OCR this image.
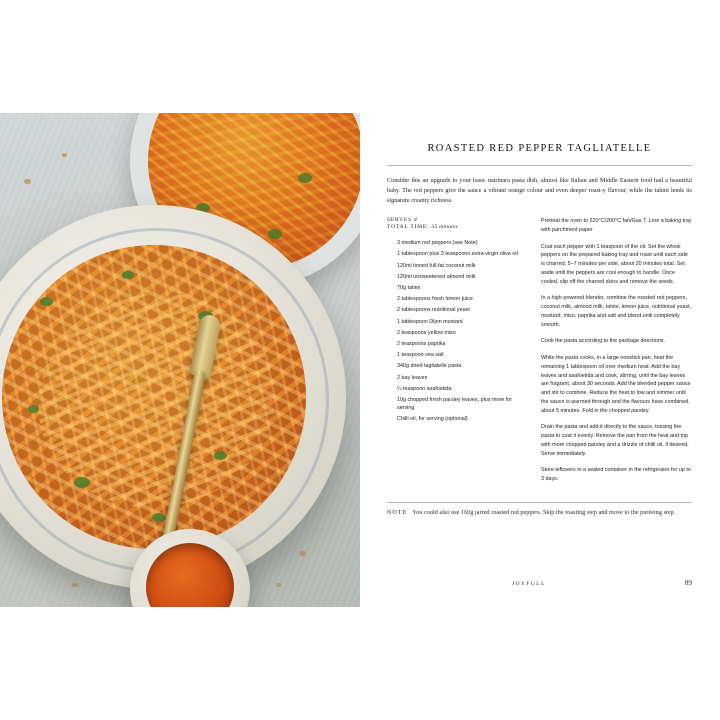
ROASTED RED PEPPER TAGLIATELLE

Consider this an upgrade to your basic marinara pasta dish, almost like Italian and Middle Eastern food had a beautiful baby. The red peppers give the sauce a vibrant orange colour and even deeper roast-y flavour, while the tahini lends its signature creamy richness.

SERVES 4
TOTAL TIME: 35 minutes
3 medium red peppers (see Note)
1 tablespoon plus 3 teaspoons extra-virgin olive oil
120ml tinned full-fat coconut milk
120ml unsweetened almond milk
70g tahini
2 tablespoons fresh lemon juice
2 tablespoons nutritional yeast
1 tablespoon Dijon mustard
2 teaspoons yellow miso
2 teaspoons paprika
1 teaspoon sea salt
340g dried tagliatelle pasta
2 bay leaves
¼ teaspoon asafoetida
10g chopped fresh parsley leaves, plus more for serving
Chilli oil, for serving (optional)

Preheat the oven to 220°C/200°C fan/Gas 7. Line a baking tray with parchment paper.

Coat each pepper with 1 teaspoon of the oil. Set the whole peppers on the prepared baking tray and roast until each side is charred, 5–7 minutes per side, about 20 minutes total. Set aside until the peppers are cool enough to handle. Once cooled, slip off the charred skins and remove the seeds.

In a high-powered blender, combine the roasted red peppers, coconut milk, almond milk, tahini, lemon juice, nutritional yeast, mustard, miso, paprika and salt and blend until completely smooth.

Cook the pasta according to the package directions.

While the pasta cooks, in a large nonstick pan, heat the remaining 1 tablespoon oil over medium heat. Add the bay leaves and asafoetida and cook, stirring, until the bay leaves are fragrant, about 30 seconds. Add the blended pepper sauce and stir to combine. Reduce the heat to low and simmer until the sauce is warmed through and the flavours have combined, about 5 minutes. Fold in the chopped parsley.

Drain the pasta and add it directly to the sauce, tossing the pasta to coat it evenly. Remove the pan from the heat and top with more chopped parsley and a drizzle of chilli oil, if desired. Serve immediately.

Store leftovers in a sealed container in the refrigerator for up to 3 days.

NOTE You could also use 160g jarred roasted red peppers. Skip the roasting step and move to the puréeing step.
JOYFULL	89
